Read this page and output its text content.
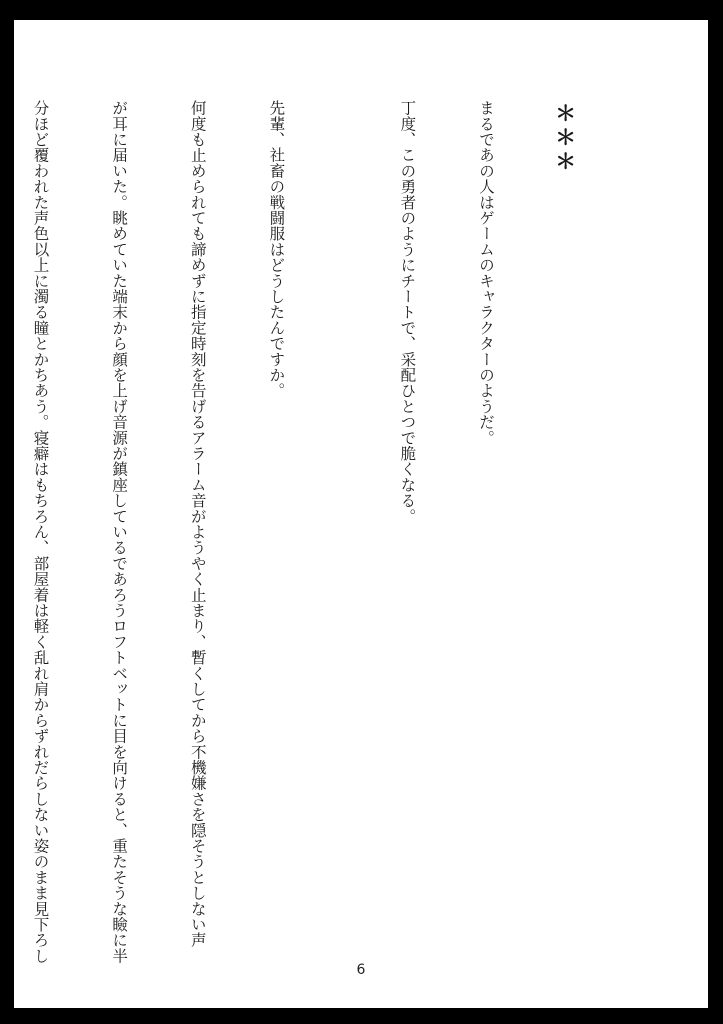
＊＊＊

まるであの人はゲームのキャラクターのようだ。

丁度、この勇者のようにチートで、采配ひとつで脆くなる。

先輩、社畜の戦闘服はどうしたんですか。

何度も止められても諦めずに指定時刻を告げるアラーム音がようやく止まり、暫くしてから不機嫌さを隠そうとしない声

が耳に届いた。眺めていた端末から顔を上げ音源が鎮座しているであろうロフトベットに目を向けると、重たそうな瞼に半

分ほど覆われた声色以上に濁る瞳とかちあう。寝癖はもちろん、部屋着は軽く乱れ肩からずれだらしない姿のまま見下ろし

6
